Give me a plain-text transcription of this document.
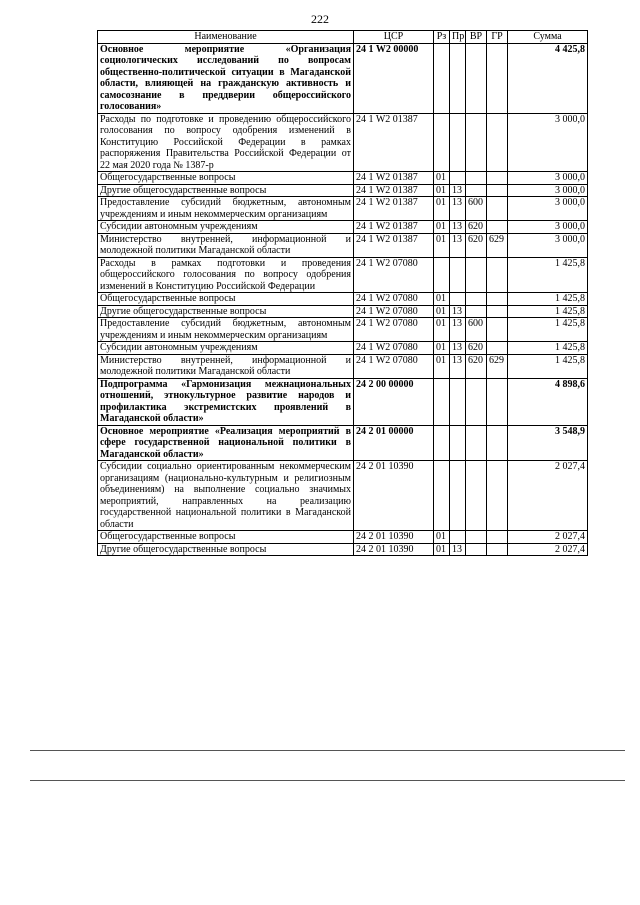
222
Наименование	ЦСР	Рз	Пр	ВР	ГР	Сумма
Основное мероприятие «Организация социологических исследований по вопросам общественно-политической ситуации в Магаданской области, влияющей на гражданскую активность и самосознание в преддверии общероссийского голосования»	24 1 W2 00000					4 425,8
Расходы по подготовке и проведению общероссийского голосования по вопросу одобрения изменений в Конституцию Российской Федерации в рамках распоряжения Правительства Российской Федерации от 22 мая 2020 года № 1387-р	24 1 W2 01387					3 000,0
Общегосударственные вопросы	24 1 W2 01387	01				3 000,0
Другие общегосударственные вопросы	24 1 W2 01387	01	13			3 000,0
Предоставление субсидий бюджетным, автономным учреждениям и иным некоммерческим организациям	24 1 W2 01387	01	13	600		3 000,0
Субсидии автономным учреждениям	24 1 W2 01387	01	13	620		3 000,0
Министерство внутренней, информационной и молодежной политики Магаданской области	24 1 W2 01387	01	13	620	629	3 000,0
Расходы в рамках подготовки и проведения общероссийского голосования по вопросу одобрения изменений в Конституцию Российской Федерации	24 1 W2 07080					1 425,8
Общегосударственные вопросы	24 1 W2 07080	01				1 425,8
Другие общегосударственные вопросы	24 1 W2 07080	01	13			1 425,8
Предоставление субсидий бюджетным, автономным учреждениям и иным некоммерческим организациям	24 1 W2 07080	01	13	600		1 425,8
Субсидии автономным учреждениям	24 1 W2 07080	01	13	620		1 425,8
Министерство внутренней, информационной и молодежной политики Магаданской области	24 1 W2 07080	01	13	620	629	1 425,8
Подпрограмма «Гармонизация межнациональных отношений, этнокультурное развитие народов и профилактика экстремистских проявлений в Магаданской области»	24 2 00 00000					4 898,6
Основное мероприятие «Реализация мероприятий в сфере государственной национальной политики в Магаданской области»	24 2 01 00000					3 548,9
Субсидии социально ориентированным некоммерческим организациям (национально-культурным и религиозным объединениям) на выполнение социально значимых мероприятий, направленных на реализацию государственной национальной политики в Магаданской области	24 2 01 10390					2 027,4
Общегосударственные вопросы	24 2 01 10390	01				2 027,4
Другие общегосударственные вопросы	24 2 01 10390	01	13			2 027,4
